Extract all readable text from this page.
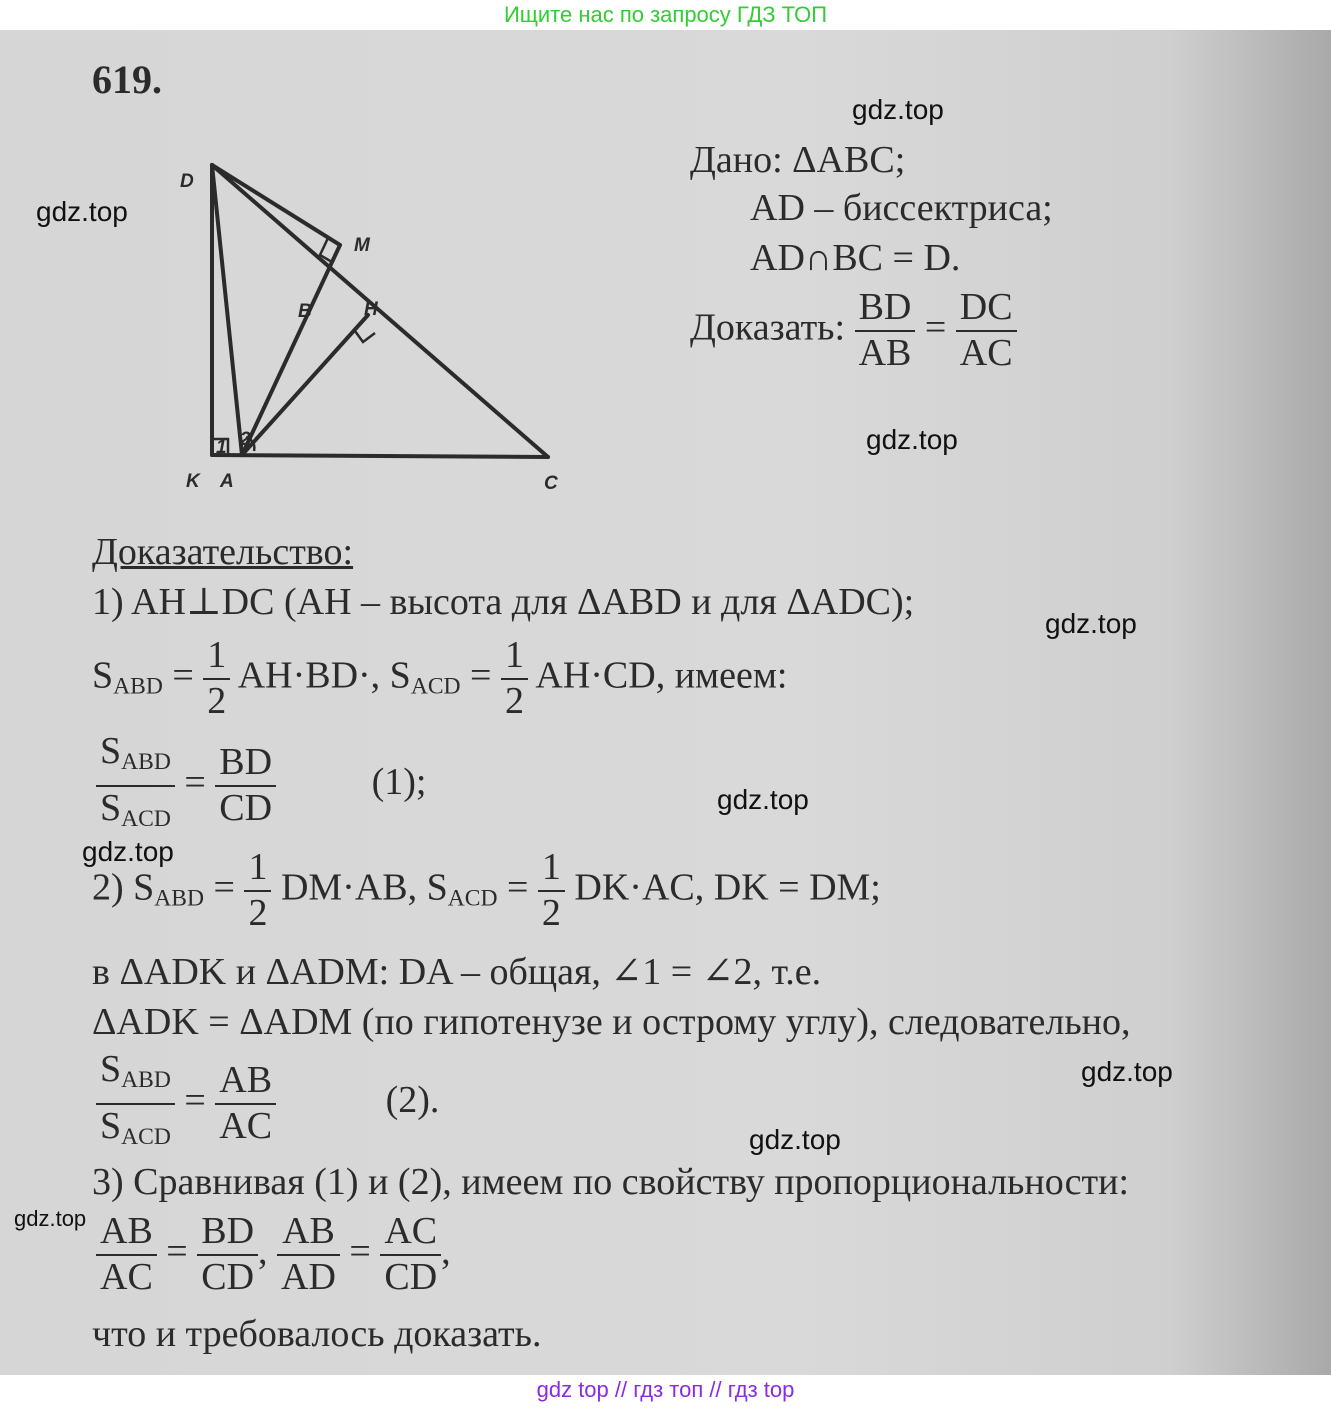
Ищите нас по запросу ГДЗ ТОП
gdz.top
gdz.top
gdz.top
gdz.top
gdz.top
gdz.top
gdz.top
gdz.top
gdz.top
619.
D
M
B	H
K A	C
1 2
Дано: ΔABC;
AD – биссектриса;
AD∩BC = D.
Доказать: $\frac{BD}{AB} = \frac{DC}{AC}$
Доказательство:
1) AH⊥DC (AH – высота для ΔABD и для ΔADC);
$S_{ABD} = \frac{1}{2} AH\cdot BD\cdot$, $S_{ACD} = \frac{1}{2} AH\cdot CD$, имеем:
$\frac{S_{ABD}}{S_{ACD}} = \frac{BD}{CD}$	(1);
2) $S_{ABD} = \frac{1}{2} DM\cdot AB$, $S_{ACD} = \frac{1}{2} DK\cdot AC$, DK = DM;
в ΔADK и ΔADM: DA – общая, ∠1 = ∠2, т.е.
ΔADK = ΔADM (по гипотенузе и острому углу), следовательно,
$\frac{S_{ABD}}{S_{ACD}} = \frac{AB}{AC}$	(2).
3) Сравнивая (1) и (2), имеем по свойству пропорциональности:
$\frac{AB}{AC} = \frac{BD}{CD}$ , $\frac{AB}{AD} = \frac{AC}{CD}$ ,
что и требовалось доказать.
gdz top // гдз топ // гдз top
